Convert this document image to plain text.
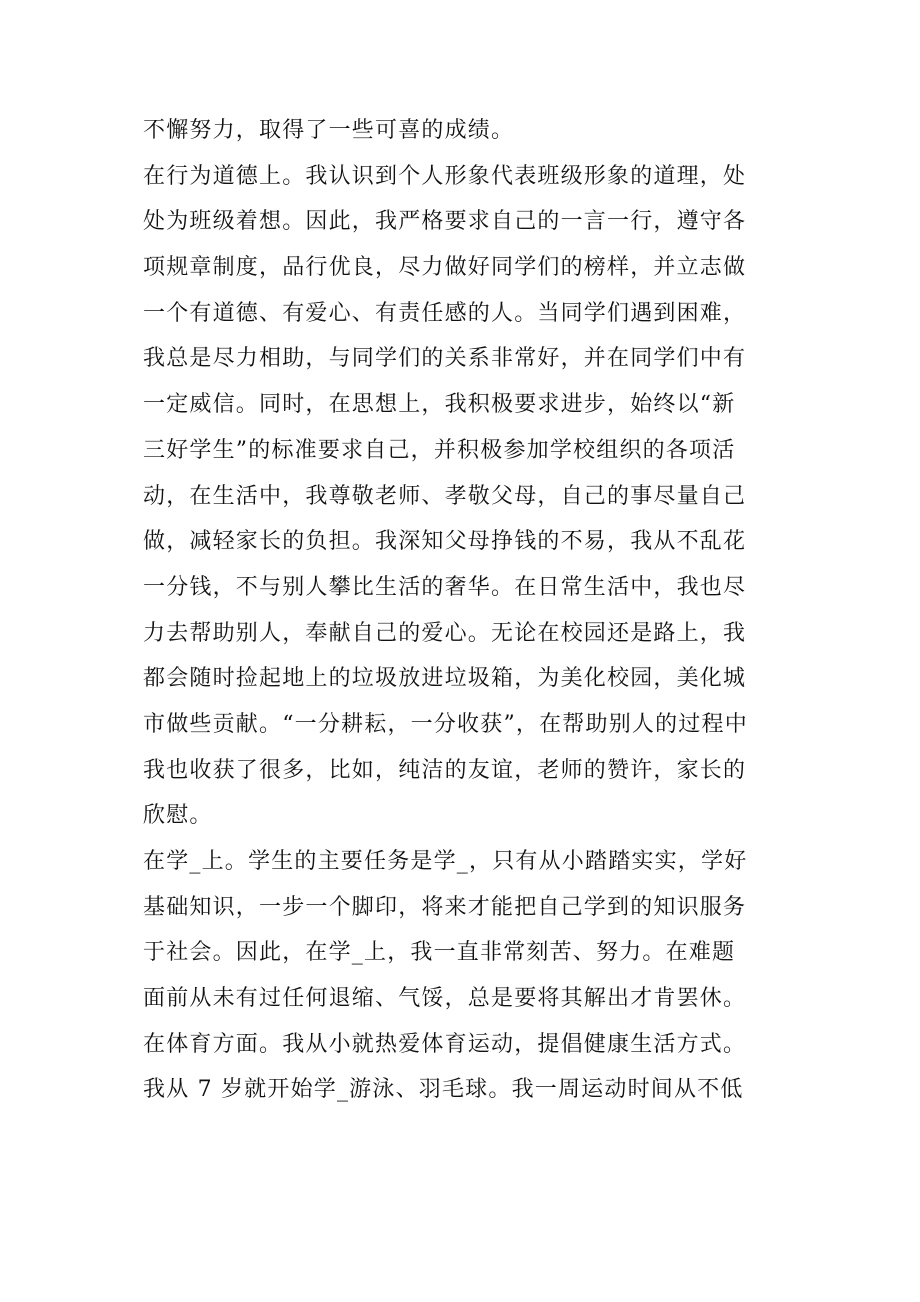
不懈努力，取得了一些可喜的成绩。
在行为道德上。我认识到个人形象代表班级形象的道理，处
处为班级着想。因此，我严格要求自己的一言一行，遵守各
项规章制度，品行优良，尽力做好同学们的榜样，并立志做
一个有道德、有爱心、有责任感的人。当同学们遇到困难，
我总是尽力相助，与同学们的关系非常好，并在同学们中有
一定威信。同时，在思想上，我积极要求进步，始终以“新
三好学生”的标准要求自己，并积极参加学校组织的各项活
动，在生活中，我尊敬老师、孝敬父母，自己的事尽量自己
做，减轻家长的负担。我深知父母挣钱的不易，我从不乱花
一分钱，不与别人攀比生活的奢华。在日常生活中，我也尽
力去帮助别人，奉献自己的爱心。无论在校园还是路上，我
都会随时捡起地上的垃圾放进垃圾箱，为美化校园，美化城
市做些贡献。“一分耕耘，一分收获”，在帮助别人的过程中
我也收获了很多，比如，纯洁的友谊，老师的赞许，家长的
欣慰。
在学_上。学生的主要任务是学_，只有从小踏踏实实，学好
基础知识，一步一个脚印，将来才能把自己学到的知识服务
于社会。因此，在学_上，我一直非常刻苦、努力。在难题
面前从未有过任何退缩、气馁，总是要将其解出才肯罢休。
在体育方面。我从小就热爱体育运动，提倡健康生活方式。
我从 7 岁就开始学_游泳、羽毛球。我一周运动时间从不低
